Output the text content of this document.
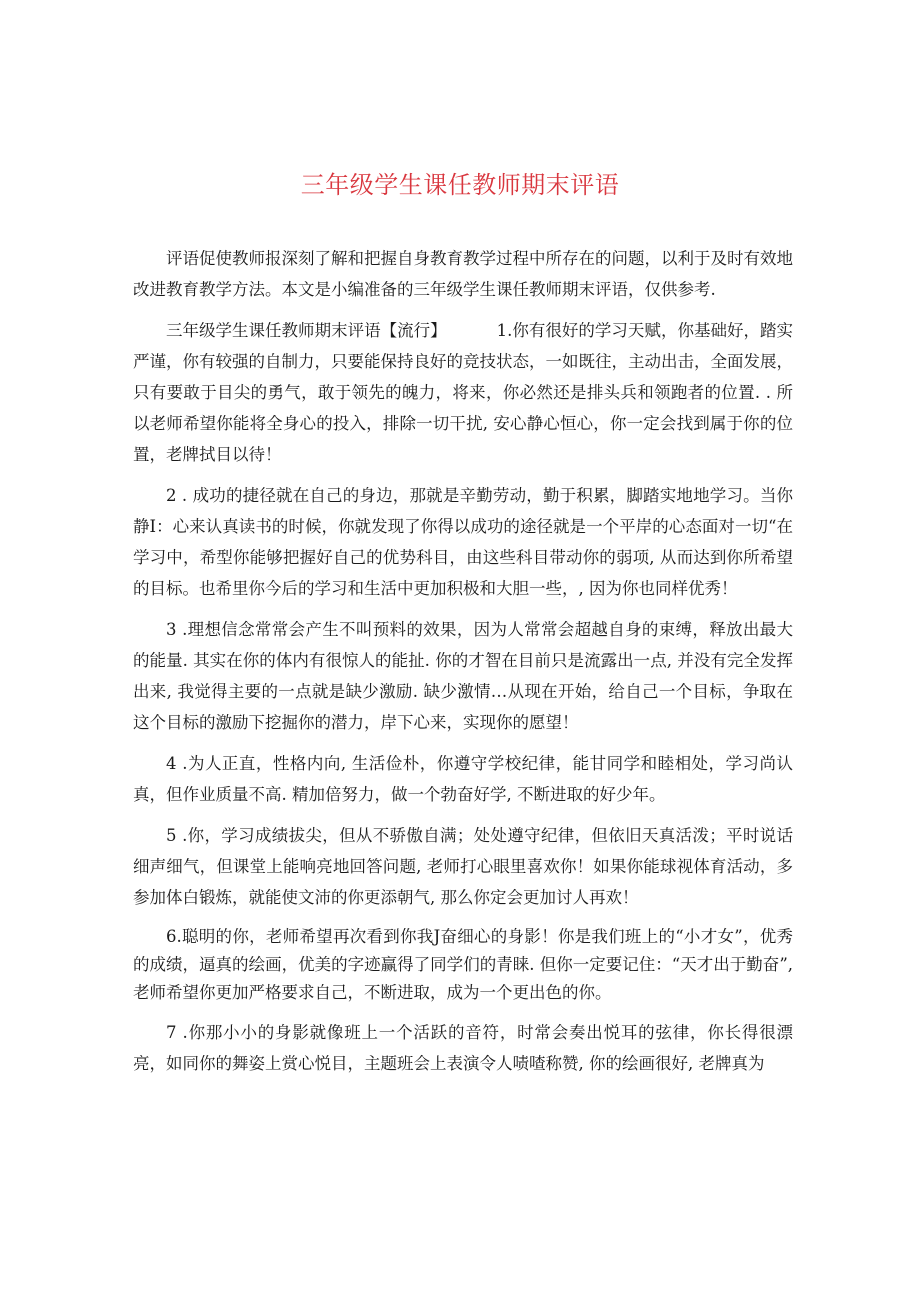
三年级学生课任教师期末评语

评语促使教师报深刻了解和把握自身教育教学过程中所存在的问题，以利于及时有效地改进教育教学方法。本文是小编准备的三年级学生课任教师期末评语，仅供参考.

三年级学生课任教师期末评语【流行】	1.你有很好的学习天赋，你基础好，踏实严谨，你有较强的自制力，只要能保持良好的竞技状态，一如既往，主动出击，全面发展，只有要敢于目尖的勇气，敢于领先的魄力，将来，你必然还是排头兵和领跑者的位置. . 所以老师希望你能将全身心的投入，排除一切干扰, 安心静心恒心，你一定会找到属于你的位置，老牌拭目以待！

2 . 成功的捷径就在自己的身边，那就是辛勤劳动，勤于积累，脚踏实地地学习。当你静I：心来认真读书的时候，你就发现了你得以成功的途径就是一个平岸的心态面对一切“在学习中，希型你能够把握好自己的优势科目，由这些科目带动你的弱项, 从而达到你所希望的目标。也希里你今后的学习和生活中更加积极和大胆一些，, 因为你也同样优秀！

3 .理想信念常常会产生不叫预料的效果，因为人常常会超越自身的束缚，释放出最大的能量. 其实在你的体内有很惊人的能扯. 你的才智在目前只是流露出一点, 并没有完全发挥出来, 我觉得主要的一点就是缺少激励. 缺少激情…从现在开始，给自己一个目标，争取在这个目标的激励下挖掘你的潜力，岸下心来，实现你的愿望！

4 .为人正直，性格内向, 生活俭朴，你遵守学校纪律，能甘同学和睦相处，学习尚认真，但作业质量不高. 精加倍努力，做一个勃奋好学, 不断进取的好少年。

5 .你，学习成绩拔尖，但从不骄傲自满；处处遵守纪律，但依旧天真活泼；平时说话细声细气，但课堂上能响亮地回答问题, 老师打心眼里喜欢你！如果你能球视体育活动，多参加体白锻炼，就能使文沛的你更添朝气, 那么你定会更加讨人再欢！

6.聪明的你，老师希望再次看到你我J奋细心的身影！你是我们班上的“小才女”，优秀的成绩，逼真的绘画，优美的字迹赢得了同学们的青睐. 但你一定要记住：“天才出于勤奋”, 老师希望你更加严格要求自己，不断进取，成为一个更出色的你。

7 .你那小小的身影就像班上一个活跃的音符，时常会奏出悦耳的弦律，你长得很漂亮，如同你的舞姿上赏心悦目，主题班会上表演令人啧喳称赞, 你的绘画很好, 老牌真为
